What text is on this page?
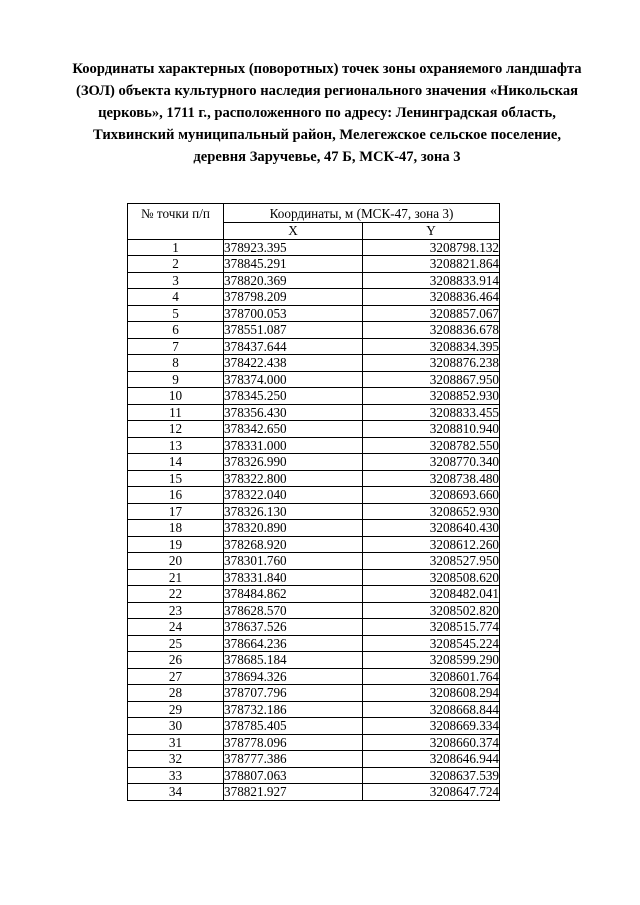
Координаты характерных (поворотных) точек зоны охраняемого ландшафта
(ЗОЛ) объекта культурного наследия регионального значения «Никольская
церковь», 1711 г., расположенного по адресу: Ленинградская область,
Тихвинский муниципальный район, Мелегежское сельское поселение,
деревня Заручевье, 47 Б, МСК-47, зона 3
№ точки п/п	Координаты, м (МСК-47, зона 3)	
	X	Y
1	378923.395	3208798.132
2	378845.291	3208821.864
3	378820.369	3208833.914
4	378798.209	3208836.464
5	378700.053	3208857.067
6	378551.087	3208836.678
7	378437.644	3208834.395
8	378422.438	3208876.238
9	378374.000	3208867.950
10	378345.250	3208852.930
11	378356.430	3208833.455
12	378342.650	3208810.940
13	378331.000	3208782.550
14	378326.990	3208770.340
15	378322.800	3208738.480
16	378322.040	3208693.660
17	378326.130	3208652.930
18	378320.890	3208640.430
19	378268.920	3208612.260
20	378301.760	3208527.950
21	378331.840	3208508.620
22	378484.862	3208482.041
23	378628.570	3208502.820
24	378637.526	3208515.774
25	378664.236	3208545.224
26	378685.184	3208599.290
27	378694.326	3208601.764
28	378707.796	3208608.294
29	378732.186	3208668.844
30	378785.405	3208669.334
31	378778.096	3208660.374
32	378777.386	3208646.944
33	378807.063	3208637.539
34	378821.927	3208647.724
